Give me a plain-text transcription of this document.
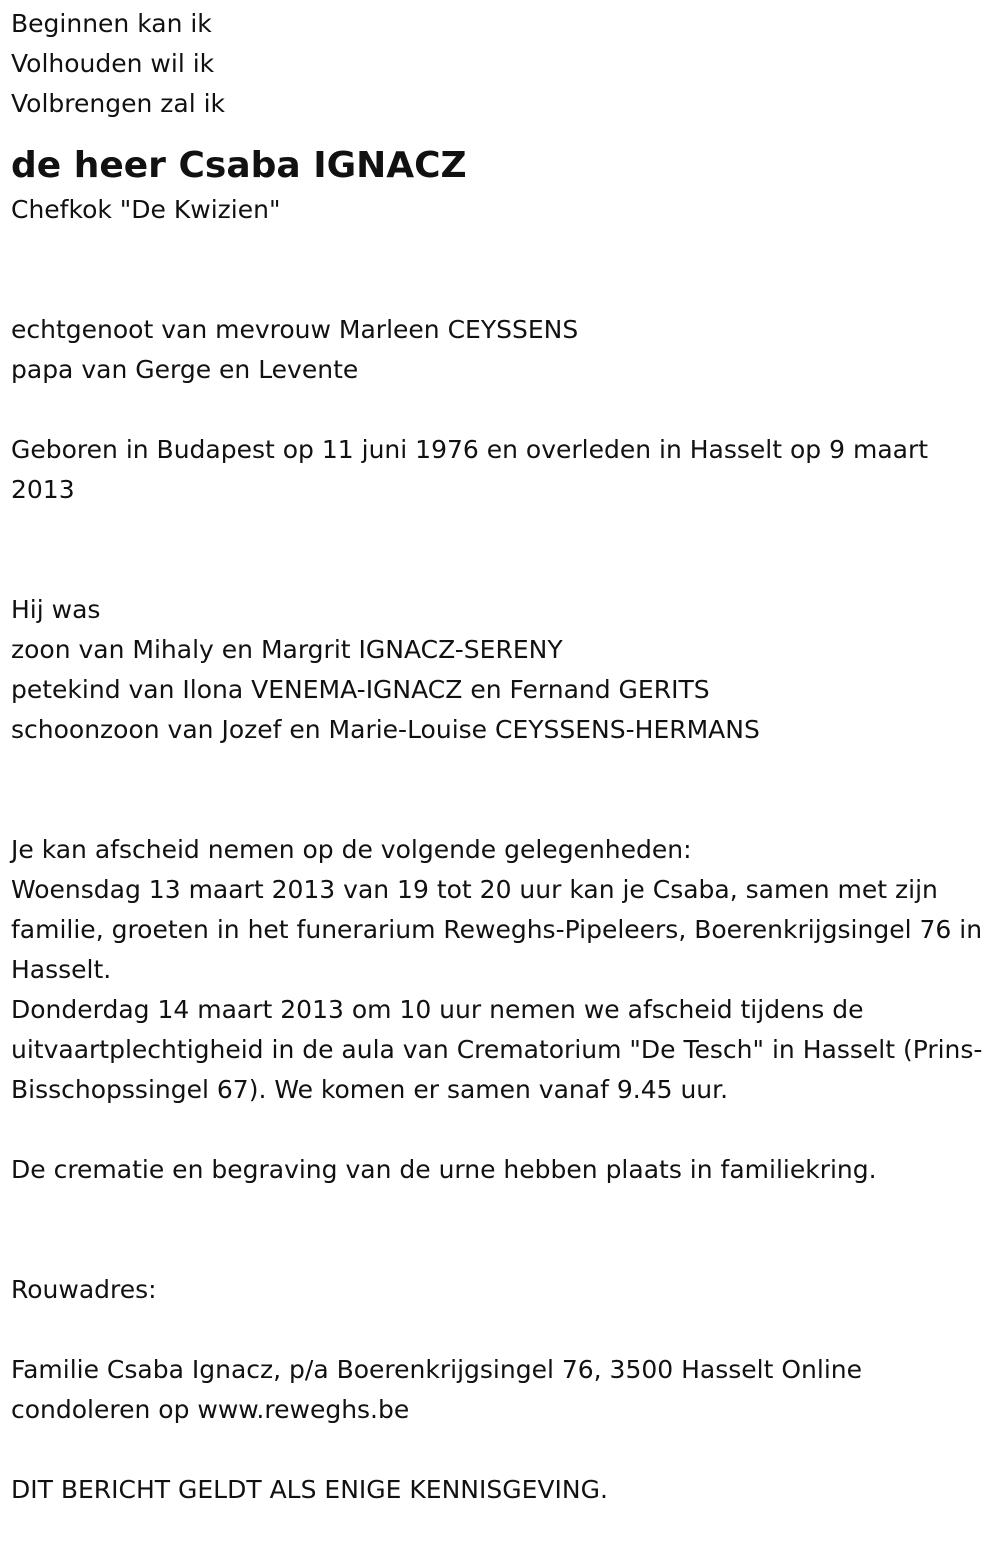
Beginnen kan ik
Volhouden wil ik
Volbrengen zal ik
de heer Csaba IGNACZ
Chefkok "De Kwizien"
echtgenoot van mevrouw Marleen CEYSSENS
papa van Gerge en Levente
Geboren in Budapest op 11 juni 1976 en overleden in Hasselt op 9 maart 2013
Hij was
zoon van Mihaly en Margrit IGNACZ-SERENY
petekind van Ilona VENEMA-IGNACZ en Fernand GERITS
schoonzoon van Jozef en Marie-Louise CEYSSENS-HERMANS
Je kan afscheid nemen op de volgende gelegenheden:
Woensdag 13 maart 2013 van 19 tot 20 uur kan je Csaba, samen met zijn familie, groeten in het funerarium Reweghs-Pipeleers, Boerenkrijgsingel 76 in Hasselt.
Donderdag 14 maart 2013 om 10 uur nemen we afscheid tijdens de uitvaartplechtigheid in de aula van Crematorium "De Tesch" in Hasselt (Prins-Bisschopssingel 67). We komen er samen vanaf 9.45 uur.
De crematie en begraving van de urne hebben plaats in familiekring.
Rouwadres:
Familie Csaba Ignacz, p/a Boerenkrijgsingel 76, 3500 Hasselt Online condoleren op www.reweghs.be
DIT BERICHT GELDT ALS ENIGE KENNISGEVING.
